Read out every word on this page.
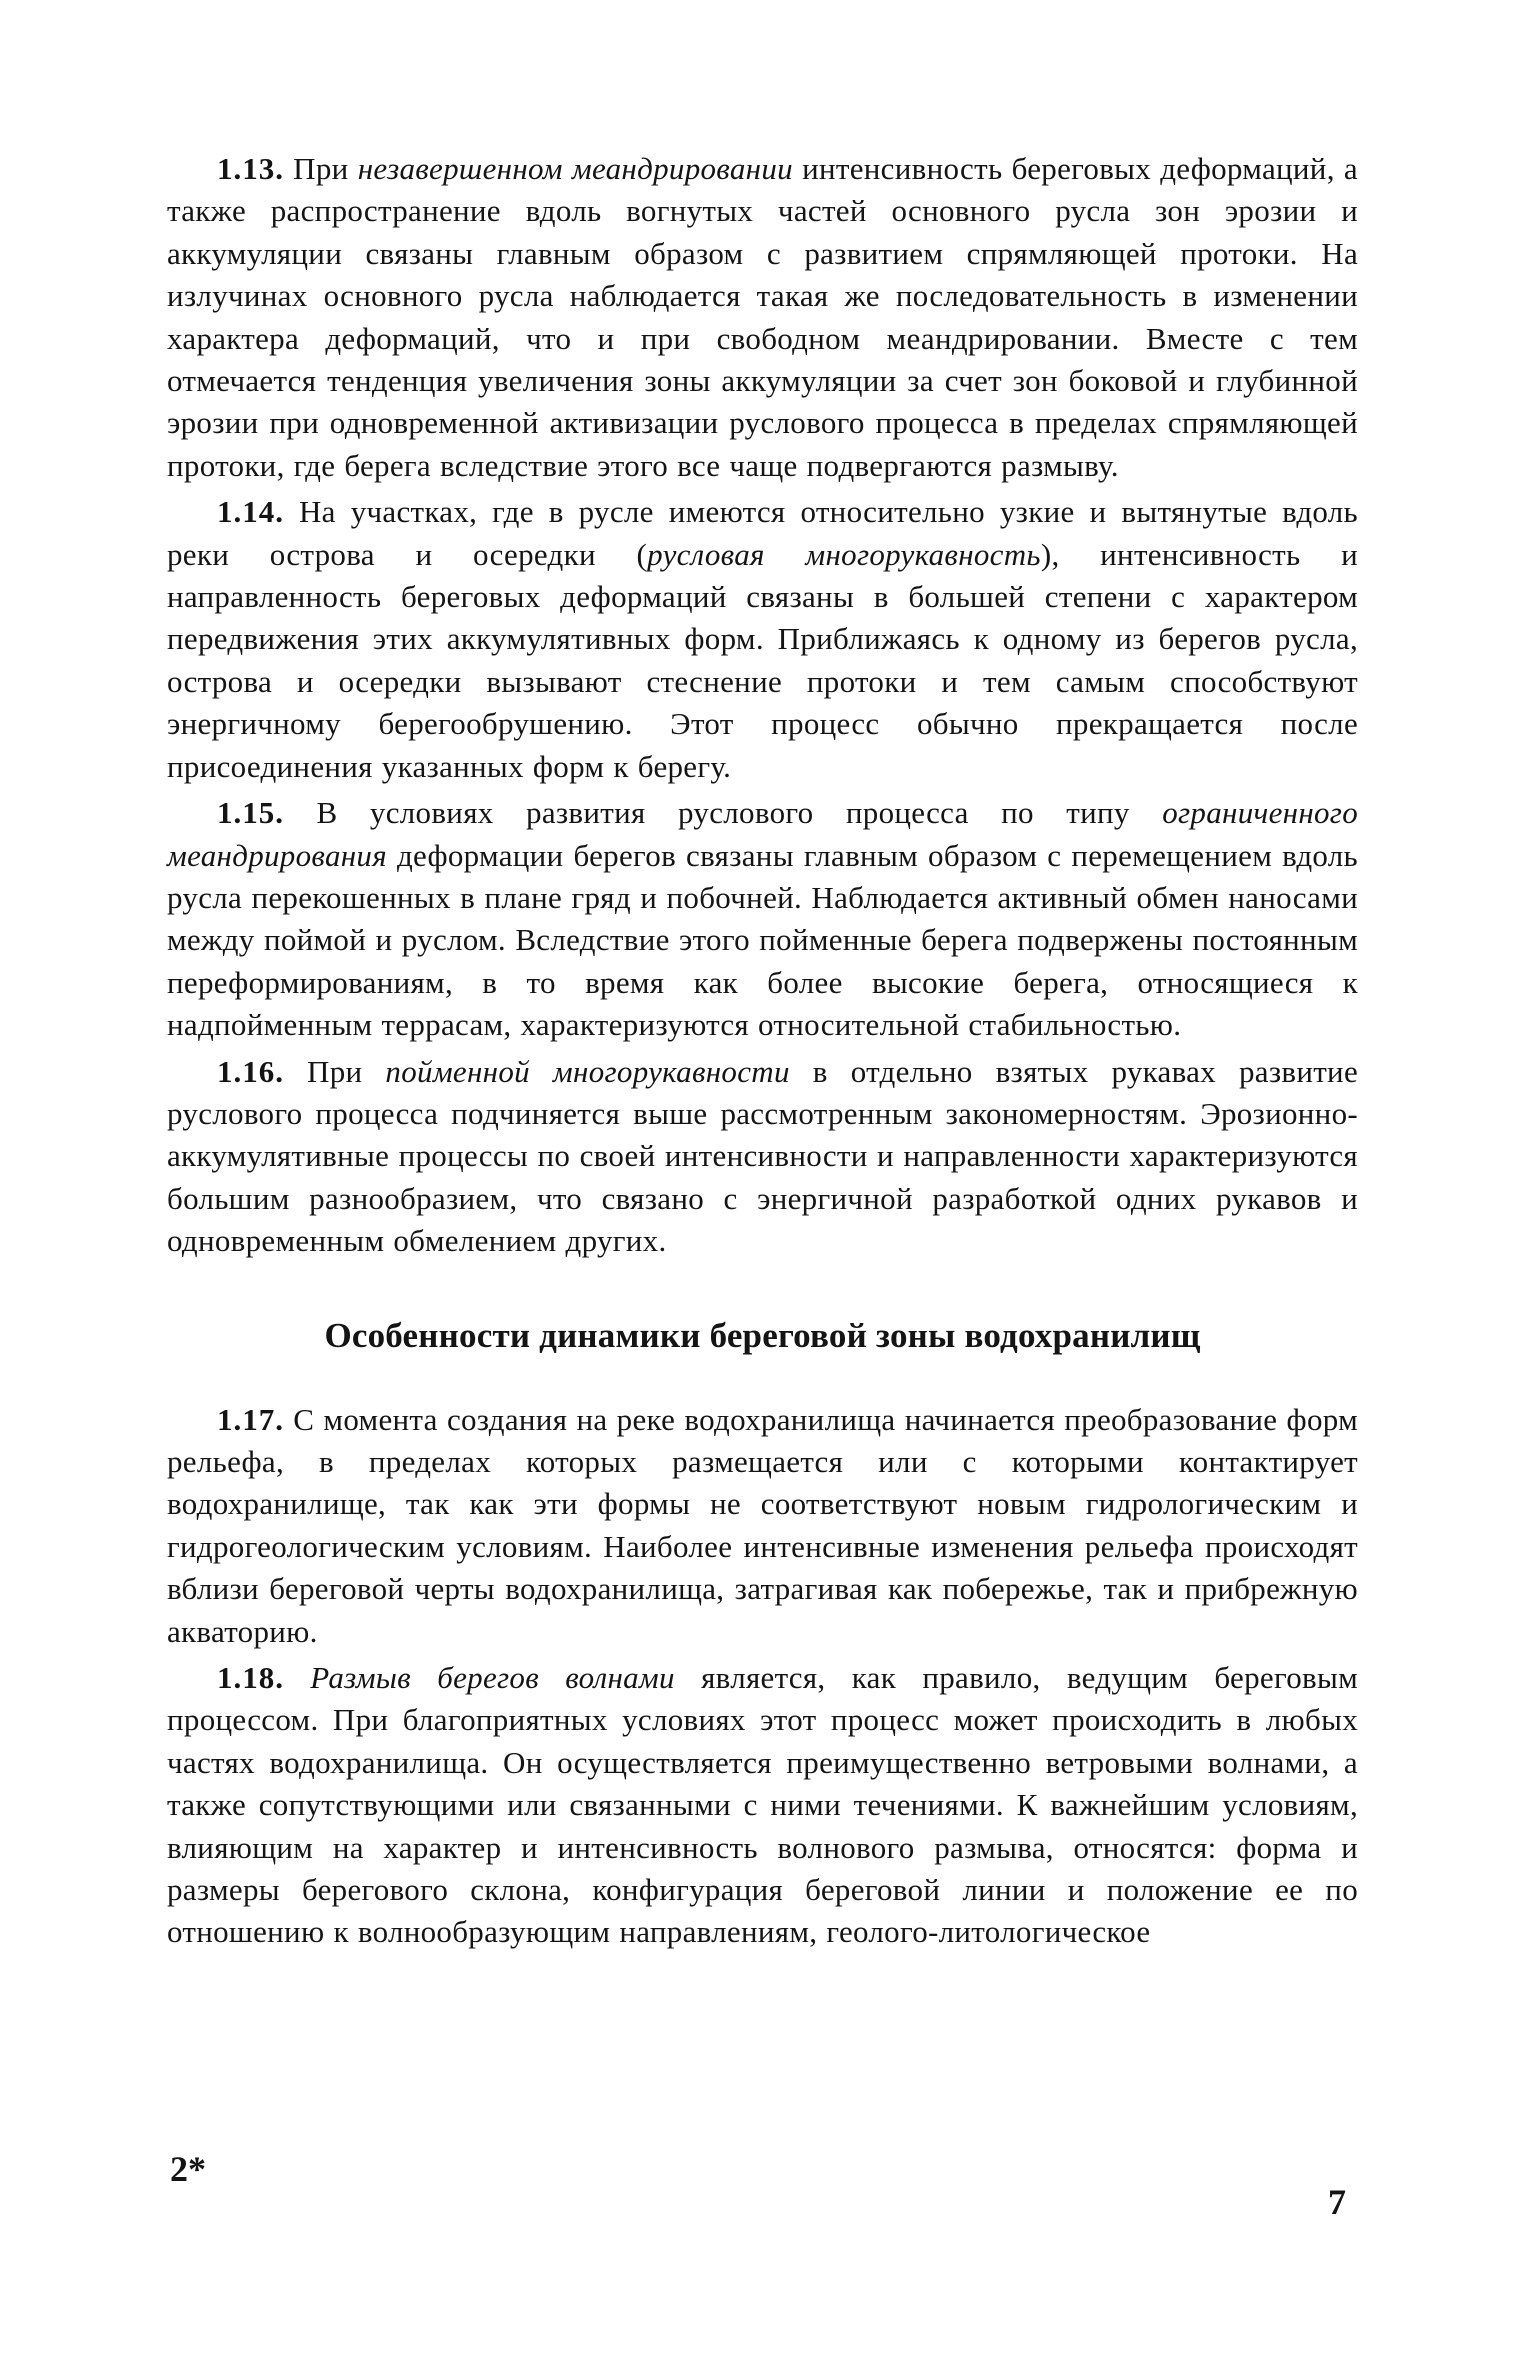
1.13. При незавершенном меандрировании интенсивность береговых деформаций, а также распространение вдоль вогнутых частей основного русла зон эрозии и аккумуляции связаны главным образом с развитием спрямляющей протоки. На излучинах основного русла наблюдается такая же последовательность в изменении характера деформаций, что и при свободном меандрировании. Вместе с тем отмечается тенденция увеличения зоны аккумуляции за счет зон боковой и глубинной эрозии при одновременной активизации руслового процесса в пределах спрямляющей протоки, где берега вследствие этого все чаще подвергаются размыву.

1.14. На участках, где в русле имеются относительно узкие и вытянутые вдоль реки острова и осередки (русловая многорукавность), интенсивность и направленность береговых деформаций связаны в большей степени с характером передвижения этих аккумулятивных форм. Приближаясь к одному из берегов русла, острова и осередки вызывают стеснение протоки и тем самым способствуют энергичному берегообрушению. Этот процесс обычно прекращается после присоединения указанных форм к берегу.

1.15. В условиях развития руслового процесса по типу ограниченного меандрирования деформации берегов связаны главным образом с перемещением вдоль русла перекошенных в плане гряд и побочней. Наблюдается активный обмен наносами между поймой и руслом. Вследствие этого пойменные берега подвержены постоянным переформированиям, в то время как более высокие берега, относящиеся к надпойменным террасам, характеризуются относительной стабильностью.

1.16. При пойменной многорукавности в отдельно взятых рукавах развитие руслового процесса подчиняется выше рассмотренным закономерностям. Эрозионно-аккумулятивные процессы по своей интенсивности и направленности характеризуются большим разнообразием, что связано с энергичной разработкой одних рукавов и одновременным обмелением других.

Особенности динамики береговой зоны водохранилищ

1.17. С момента создания на реке водохранилища начинается преобразование форм рельефа, в пределах которых размещается или с которыми контактирует водохранилище, так как эти формы не соответствуют новым гидрологическим и гидрогеологическим условиям. Наиболее интенсивные изменения рельефа происходят вблизи береговой черты водохранилища, затрагивая как побережье, так и прибрежную акваторию.

1.18. Размыв берегов волнами является, как правило, ведущим береговым процессом. При благоприятных условиях этот процесс может происходить в любых частях водохранилища. Он осуществляется преимущественно ветровыми волнами, а также сопутствующими или связанными с ними течениями. К важнейшим условиям, влияющим на характер и интенсивность волнового размыва, относятся: форма и размеры берегового склона, конфигурация береговой линии и положение ее по отношению к волнообразующим направлениям, геолого-литологическое

2*
7
